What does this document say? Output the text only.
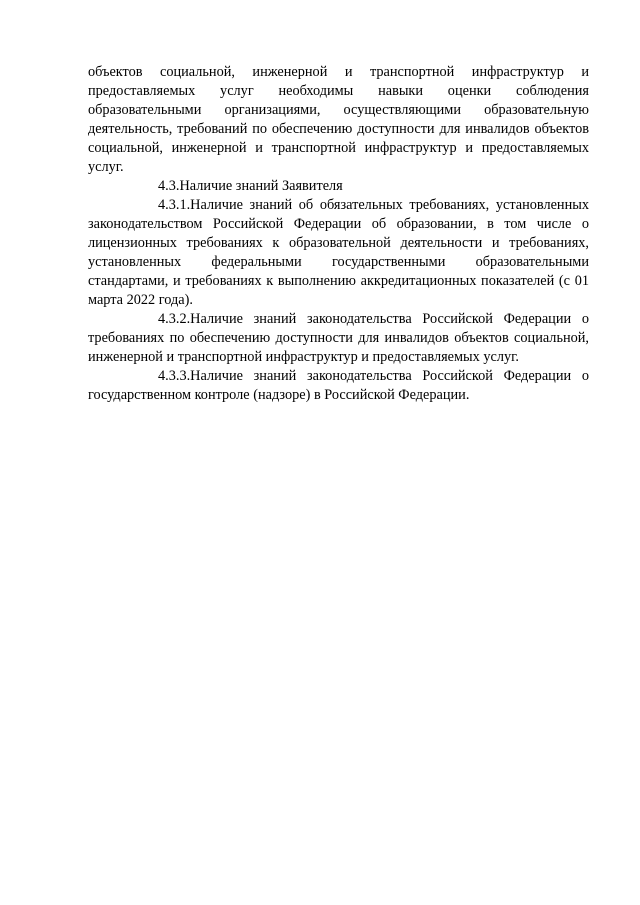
объектов социальной, инженерной и транспортной инфраструктур и предоставляемых услуг необходимы навыки оценки соблюдения образовательными организациями, осуществляющими образовательную деятельность, требований по обеспечению доступности для инвалидов объектов социальной, инженерной и транспортной инфраструктур и предоставляемых услуг.

4.3.Наличие знаний Заявителя

4.3.1.Наличие знаний об обязательных требованиях, установленных законодательством Российской Федерации об образовании, в том числе о лицензионных требованиях к образовательной деятельности и требованиях, установленных федеральными государственными образовательными стандартами, и требованиях к выполнению аккредитационных показателей (с 01 марта 2022 года).

4.3.2.Наличие знаний законодательства Российской Федерации о требованиях по обеспечению доступности для инвалидов объектов социальной, инженерной и транспортной инфраструктур и предоставляемых услуг.

4.3.3.Наличие знаний законодательства Российской Федерации о государственном контроле (надзоре) в Российской Федерации.
